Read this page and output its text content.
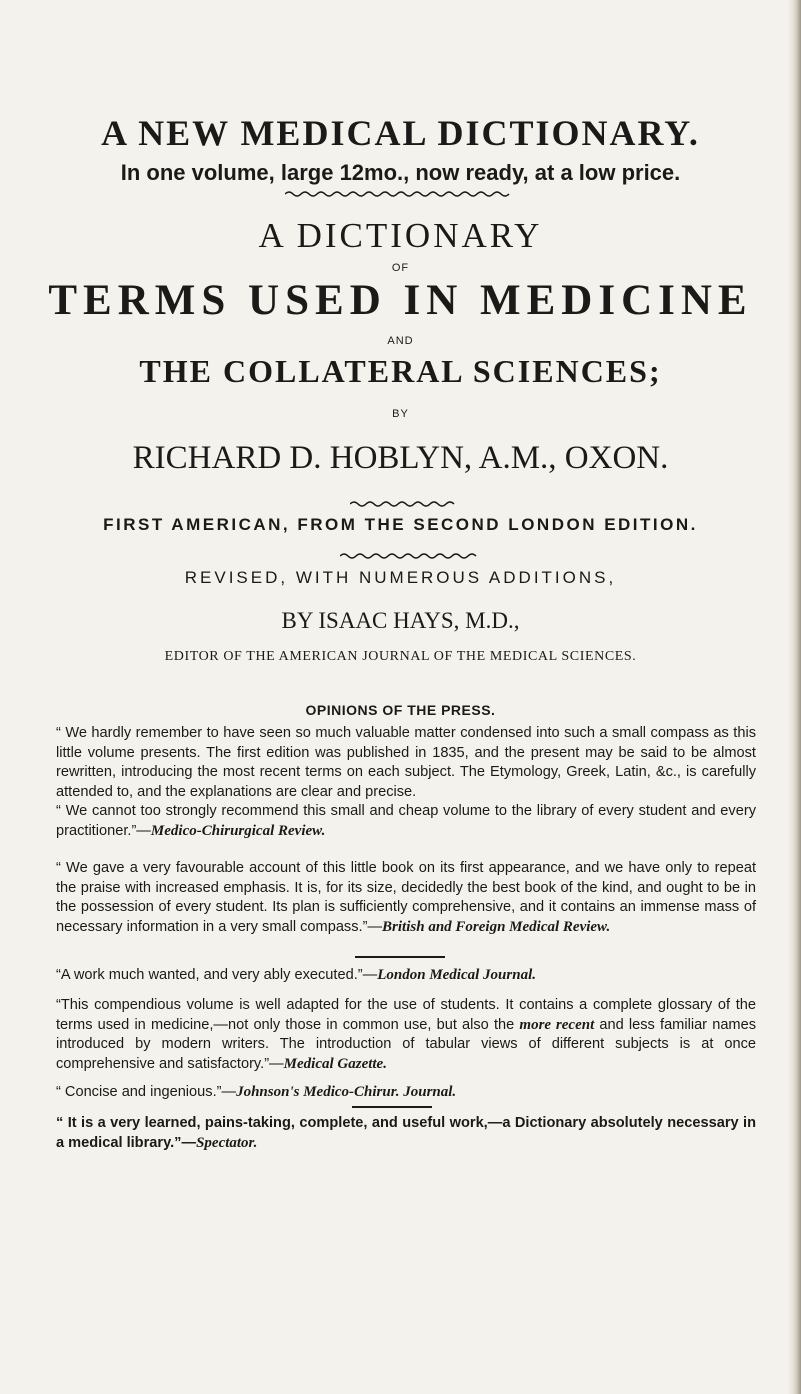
A NEW MEDICAL DICTIONARY.
In one volume, large 12mo., now ready, at a low price.
A DICTIONARY
OF
TERMS USED IN MEDICINE
AND
THE COLLATERAL SCIENCES;
BY
RICHARD D. HOBLYN, A.M., OXON.
FIRST AMERICAN, FROM THE SECOND LONDON EDITION.
REVISED, WITH NUMEROUS ADDITIONS,
BY ISAAC HAYS, M.D.,
EDITOR OF THE AMERICAN JOURNAL OF THE MEDICAL SCIENCES.
OPINIONS OF THE PRESS.
“ We hardly remember to have seen so much valuable matter condensed into such a small compass as this little volume presents. The first edition was published in 1835, and the present may be said to be almost rewritten, introducing the most recent terms on each subject. The Etymology, Greek, Latin, &c., is carefully attended to, and the explanations are clear and precise.
“ We cannot too strongly recommend this small and cheap volume to the library of every student and every practitioner.”—Medico-Chirurgical Review.
“ We gave a very favourable account of this little book on its first appearance, and we have only to repeat the praise with increased emphasis. It is, for its size, decidedly the best book of the kind, and ought to be in the possession of every student. Its plan is sufficiently comprehensive, and it contains an immense mass of necessary information in a very small compass.”—British and Foreign Medical Review.
“A work much wanted, and very ably executed.”—London Medical Journal.
“This compendious volume is well adapted for the use of students. It contains a complete glossary of the terms used in medicine,—not only those in common use, but also the more recent and less familiar names introduced by modern writers. The introduction of tabular views of different subjects is at once comprehensive and satisfactory.”—Medical Gazette.
“ Concise and ingenious.”—Johnson's Medico-Chirur. Journal.
“ It is a very learned, pains-taking, complete, and useful work,—a Dictionary absolutely necessary in a medical library.”—Spectator.
